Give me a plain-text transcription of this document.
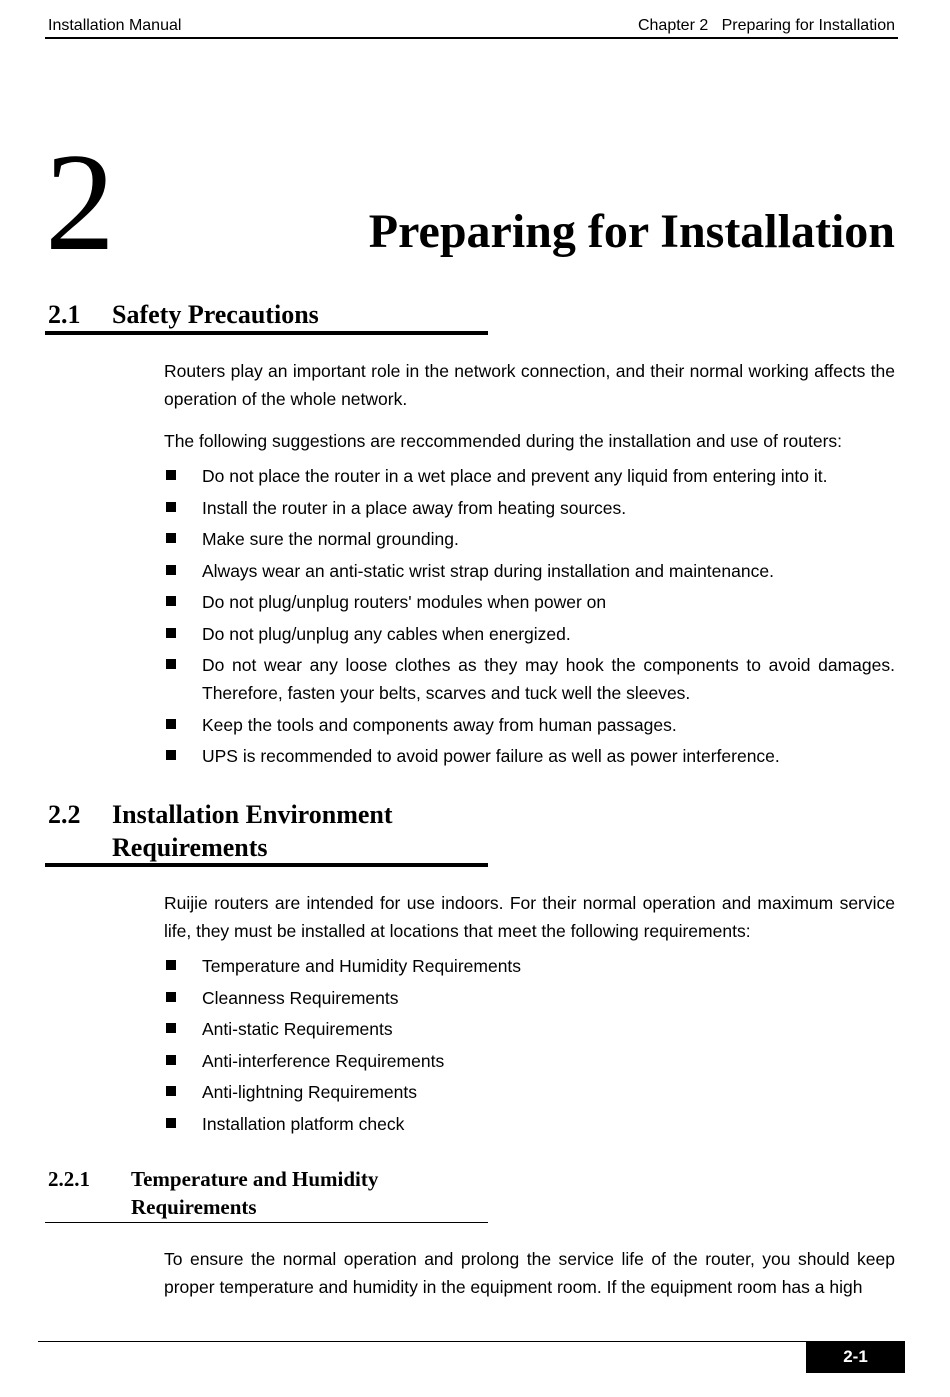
Installation Manual	Chapter 2   Preparing for Installation
2	Preparing for Installation
2.1 Safety Precautions

Routers play an important role in the network connection, and their normal working affects the operation of the whole network.

The following suggestions are reccommended during the installation and use of routers:

Do not place the router in a wet place and prevent any liquid from entering into it.
Install the router in a place away from heating sources.
Make sure the normal grounding.
Always wear an anti-static wrist strap during installation and maintenance.
Do not plug/unplug routers' modules when power on
Do not plug/unplug any cables when energized.
Do not wear any loose clothes as they may hook the components to avoid damages. Therefore, fasten your belts, scarves and tuck well the sleeves.
Keep the tools and components away from human passages.
UPS is recommended to avoid power failure as well as power interference.
2.2 Installation Environment
Requirements

Ruijie routers are intended for use indoors. For their normal operation and maximum service life, they must be installed at locations that meet the following requirements:

Temperature and Humidity Requirements
Cleanness Requirements
Anti-static Requirements
Anti-interference Requirements
Anti-lightning Requirements
Installation platform check
2.2.1 Temperature and Humidity
Requirements

To ensure the normal operation and prolong the service life of the router, you should keep proper temperature and humidity in the equipment room. If the equipment room has a high

2-1
